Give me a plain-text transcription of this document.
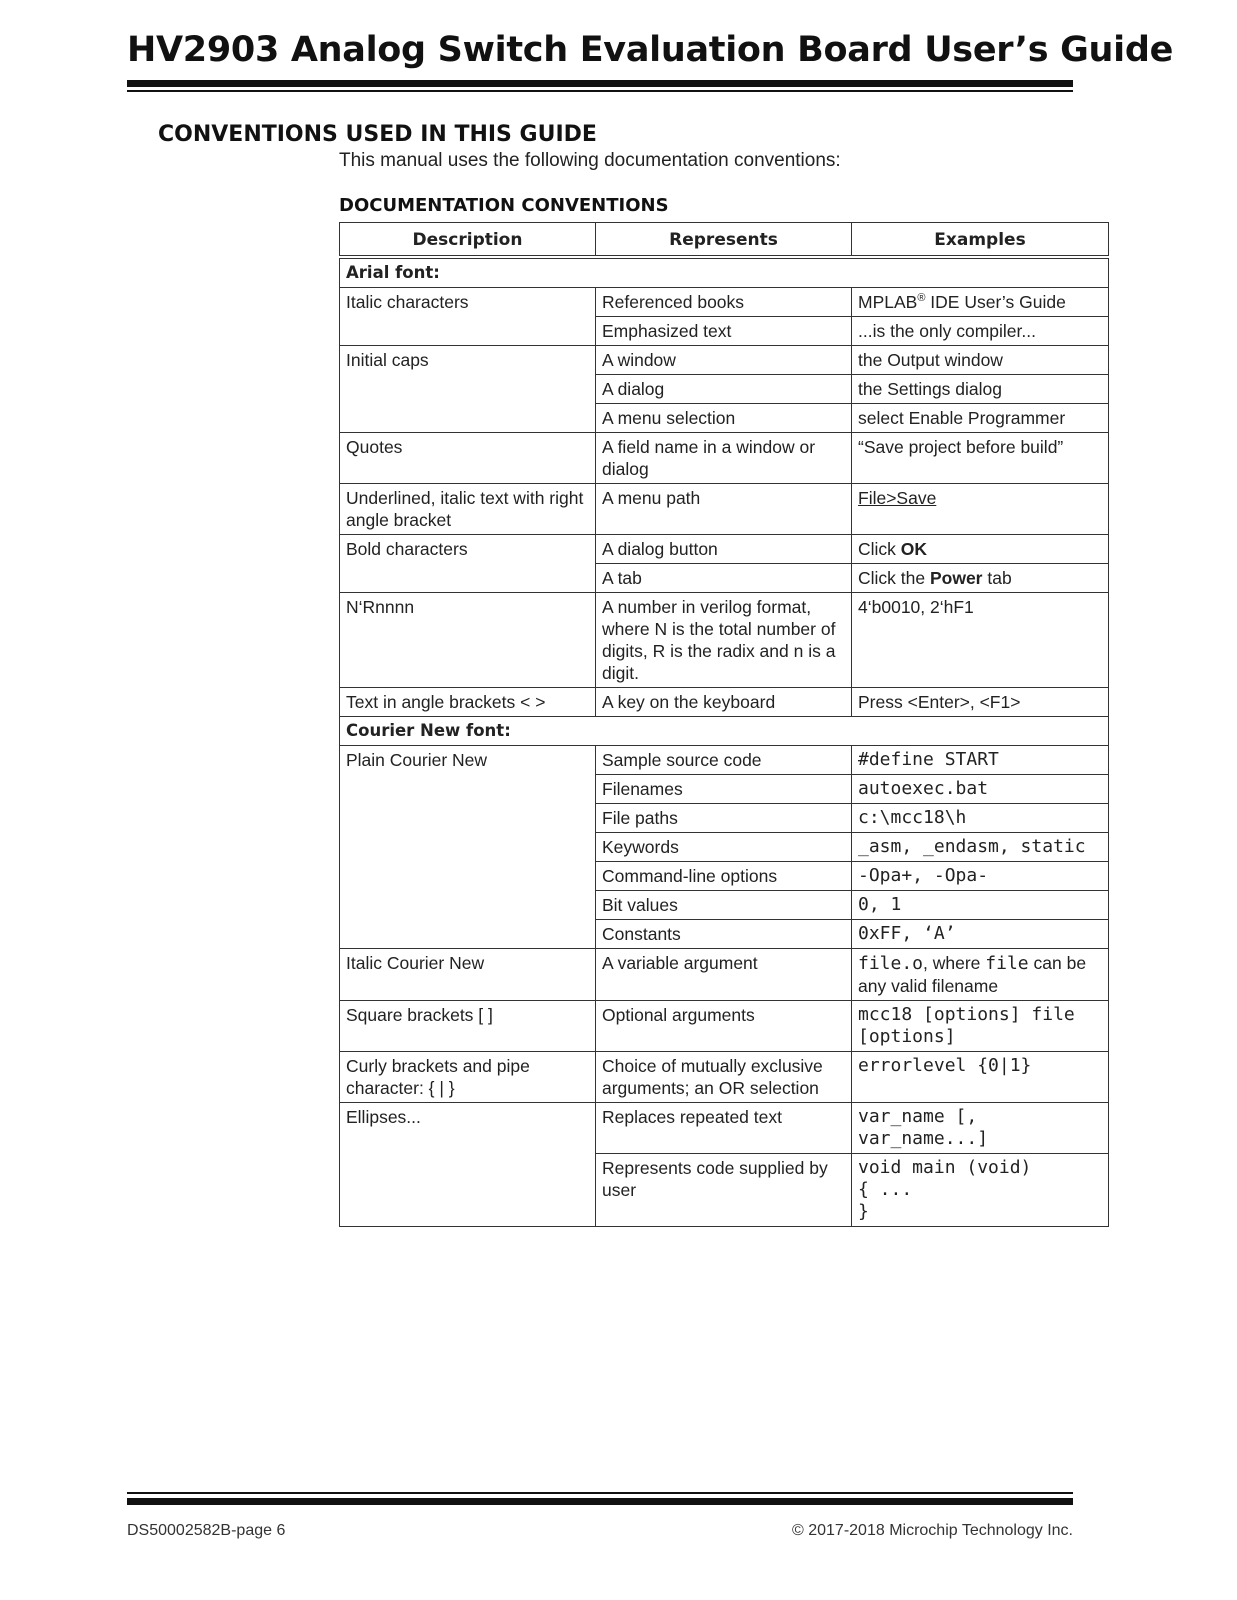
HV2903 Analog Switch Evaluation Board User’s Guide
CONVENTIONS USED IN THIS GUIDE

This manual uses the following documentation conventions:

DOCUMENTATION CONVENTIONS
Description	Represents	Examples
Arial font:		
Italic characters	Referenced books	MPLAB® IDE User’s Guide
	Emphasized text	...is the only compiler...
Initial caps	A window	the Output window
	A dialog	the Settings dialog
	A menu selection	select Enable Programmer
Quotes	A field name in a window or dialog	“Save project before build”
Underlined, italic text with right angle bracket	A menu path	File>Save
Bold characters	A dialog button	Click OK
	A tab	Click the Power tab
N‘Rnnnn	A number in verilog format, where N is the total number of digits, R is the radix and n is a digit.	4‘b0010, 2‘hF1
Text in angle brackets < >	A key on the keyboard	Press <Enter>, <F1>
Courier New font:		
Plain Courier New	Sample source code	#define START
	Filenames	autoexec.bat
	File paths	c:\mcc18\h
	Keywords	_asm, _endasm, static
	Command-line options	-Opa+, -Opa-
	Bit values	0, 1
	Constants	0xFF, ‘A’
Italic Courier New	A variable argument	file.o, where file can be any valid filename
Square brackets [ ]	Optional arguments	mcc18 [options] file [options]
Curly brackets and pipe character: { | }	Choice of mutually exclusive arguments; an OR selection	errorlevel {0|1}
Ellipses...	Replaces repeated text	var_name [,
var_name...]
	Represents code supplied by user	void main (void)
{ ...
}

DS50002582B-page 6	© 2017-2018 Microchip Technology Inc.
